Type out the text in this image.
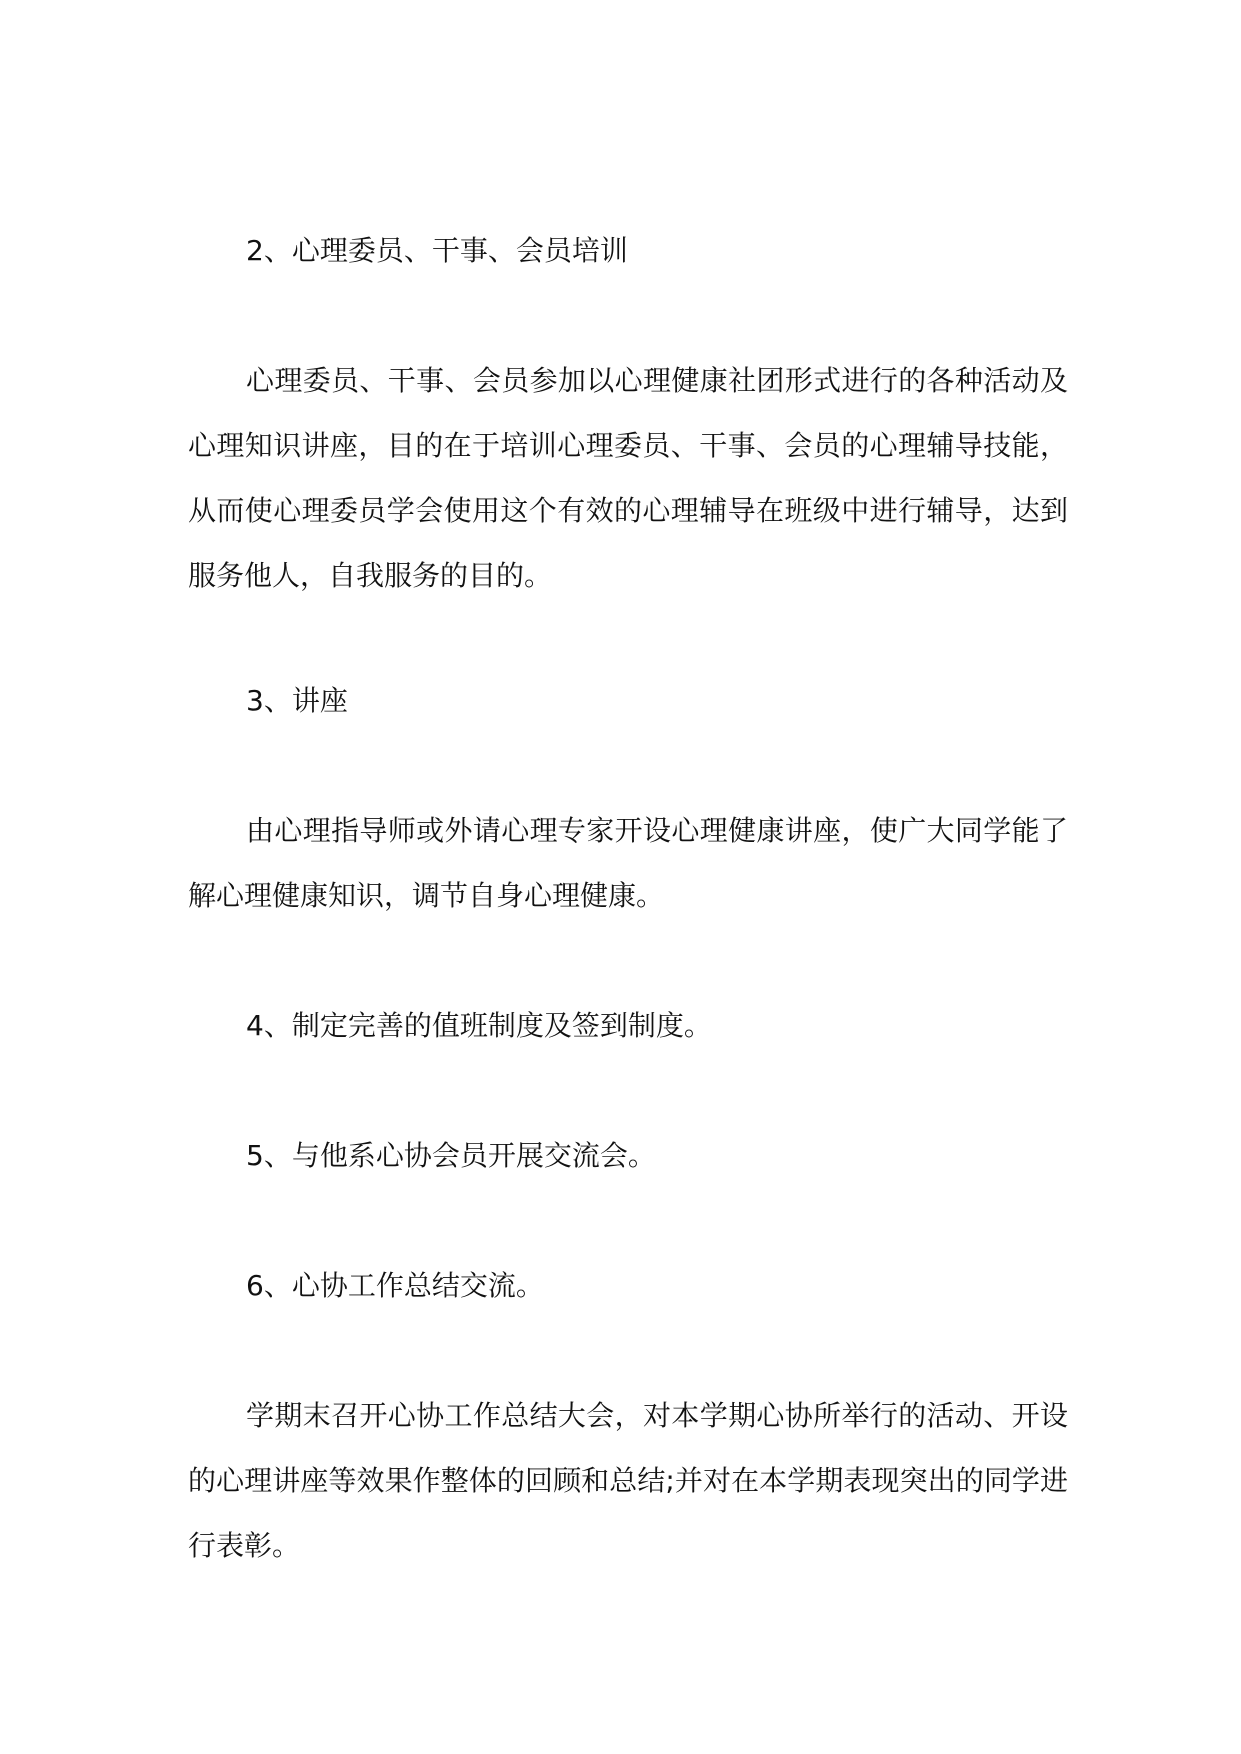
2、心理委员、干事、会员培训

心理委员、干事、会员参加以心理健康社团形式进行的各种活动及心理知识讲座，目的在于培训心理委员、干事、会员的心理辅导技能，从而使心理委员学会使用这个有效的心理辅导在班级中进行辅导，达到服务他人，自我服务的目的。

3、讲座

由心理指导师或外请心理专家开设心理健康讲座，使广大同学能了解心理健康知识，调节自身心理健康。

4、制定完善的值班制度及签到制度。

5、与他系心协会员开展交流会。

6、心协工作总结交流。

学期末召开心协工作总结大会，对本学期心协所举行的活动、开设的心理讲座等效果作整体的回顾和总结;并对在本学期表现突出的同学进行表彰。
